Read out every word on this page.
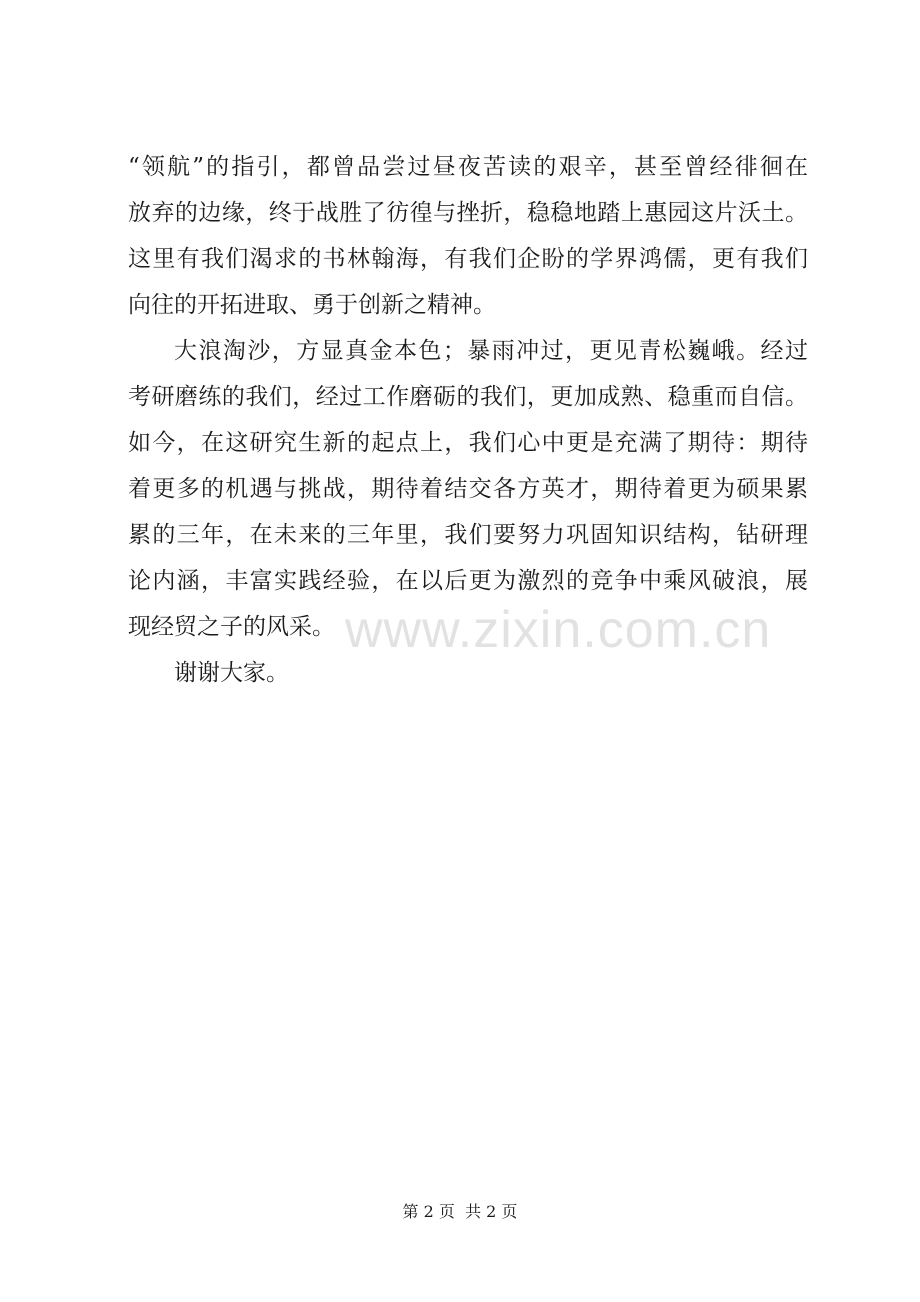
“领航”的指引，都曾品尝过昼夜苦读的艰辛，甚至曾经徘徊在
放弃的边缘，终于战胜了彷徨与挫折，稳稳地踏上惠园这片沃土。
这里有我们渴求的书林翰海，有我们企盼的学界鸿儒，更有我们
向往的开拓进取、勇于创新之精神。
大浪淘沙，方显真金本色；暴雨冲过，更见青松巍峨。经过
考研磨练的我们，经过工作磨砺的我们，更加成熟、稳重而自信。
如今，在这研究生新的起点上，我们心中更是充满了期待：期待
着更多的机遇与挑战，期待着结交各方英才，期待着更为硕果累
累的三年，在未来的三年里，我们要努力巩固知识结构，钻研理
论内涵，丰富实践经验，在以后更为激烈的竞争中乘风破浪，展
现经贸之子的风采。
谢谢大家。
www.zixin.com.cn
第 2 页  共 2 页
